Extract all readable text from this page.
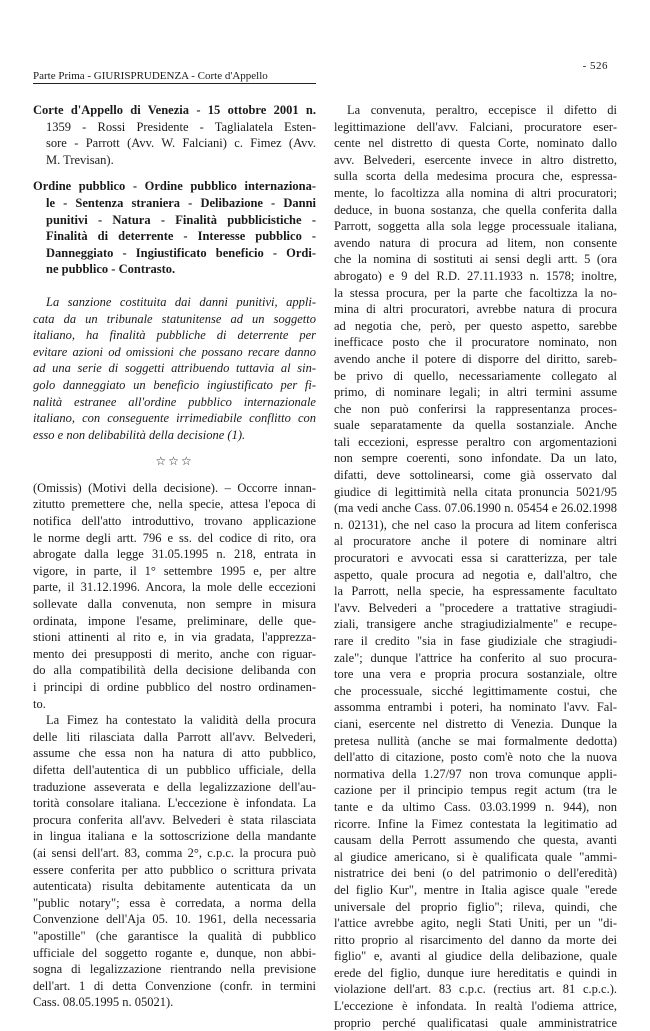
- 526
Parte Prima - GIURISPRUDENZA - Corte d'Appello
Corte d'Appello di Venezia - 15 ottobre 2001 n.
1359 - Rossi Presidente - Taglialatela Esten-
sore - Parrott (Avv. W. Falciani) c. Fimez (Avv.
M. Trevisan).
Ordine pubblico - Ordine pubblico internaziona-
le - Sentenza straniera - Delibazione - Danni
punitivi - Natura - Finalità pubblicistiche -
Finalità di deterrente - Interesse pubblico -
Danneggiato - Ingiustificato beneficio - Ordi-
ne pubblico - Contrasto.
La sanzione costituita dai danni punitivi, appli-
cata da un tribunale statunitense ad un soggetto
italiano, ha finalità pubbliche di deterrente per
evitare azioni od omissioni che possano recare danno
ad una serie di soggetti attribuendo tuttavia al sin-
golo danneggiato un beneficio ingiustificato per fi-
nalità estranee all'ordine pubblico internazionale
italiano, con conseguente irrimediabile conflitto con
esso e non delibabilità della decisione (1).
☆☆☆
(Omissis) (Motivi della decisione). – Occorre innan-
zitutto premettere che, nella specie, attesa l'epoca di
notifica dell'atto introduttivo, trovano applicazione
le norme degli artt. 796 e ss. del codice di rito, ora
abrogate dalla legge 31.05.1995 n. 218, entrata in
vigore, in parte, il 1° settembre 1995 e, per altre
parte, il 31.12.1996. Ancora, la mole delle eccezioni
sollevate dalla convenuta, non sempre in misura
ordinata, impone l'esame, preliminare, delle que-
stioni attinenti al rito e, in via gradata, l'apprezza-
mento dei presupposti di merito, anche con riguar-
do alla compatibilità della decisione delibanda con
i principi di ordine pubblico del nostro ordinamen-
to.
La Fimez ha contestato la validità della procura
delle liti rilasciata dalla Parrott all'avv. Belvederi,
assume che essa non ha natura di atto pubblico,
difetta dell'autentica di un pubblico ufficiale, della
traduzione asseverata e della legalizzazione dell'au-
torità consolare italiana. L'eccezione è infondata. La
procura conferita all'avv. Belvederi è stata rilasciata
in lingua italiana e la sottoscrizione della mandante
(ai sensi dell'art. 83, comma 2°, c.p.c. la procura può
essere conferita per atto pubblico o scrittura privata
autenticata) risulta debitamente autenticata da un
"public notary"; essa è corredata, a norma della
Convenzione dell'Aja 05. 10. 1961, della necessaria
"apostille" (che garantisce la qualità di pubblico
ufficiale del soggetto rogante e, dunque, non abbi-
sogna di legalizzazione rientrando nella previsione
dell'art. 1 di detta Convenzione (confr. in termini
Cass. 08.05.1995 n. 05021).
La convenuta, peraltro, eccepisce il difetto di
legittimazione dell'avv. Falciani, procuratore eser-
cente nel distretto di questa Corte, nominato dallo
avv. Belvederi, esercente invece in altro distretto,
sulla scorta della medesima procura che, espressa-
mente, lo facoltizza alla nomina di altri procuratori;
deduce, in buona sostanza, che quella conferita dalla
Parrott, soggetta alla sola legge processuale italiana,
avendo natura di procura ad litem, non consente
che la nomina di sostituti ai sensi degli artt. 5 (ora
abrogato) e 9 del R.D. 27.11.1933 n. 1578; inoltre,
la stessa procura, per la parte che facoltizza la no-
mina di altri procuratori, avrebbe natura di procura
ad negotia che, però, per questo aspetto, sarebbe
inefficace posto che il procuratore nominato, non
avendo anche il potere di disporre del diritto, sareb-
be privo di quello, necessariamente collegato al
primo, di nominare legali; in altri termini assume
che non può conferirsi la rappresentanza proces-
suale separatamente da quella sostanziale. Anche
tali eccezioni, espresse peraltro con argomentazioni
non sempre coerenti, sono infondate. Da un lato,
difatti, deve sottolinearsi, come già osservato dal
giudice di legittimità nella citata pronuncia 5021/95
(ma vedi anche Cass. 07.06.1990 n. 05454 e 26.02.1998
n. 02131), che nel caso la procura ad litem conferisca
al procuratore anche il potere di nominare altri
procuratori e avvocati essa si caratterizza, per tale
aspetto, quale procura ad negotia e, dall'altro, che
la Parrott, nella specie, ha espressamente facultato
l'avv. Belvederi a "procedere a trattative stragiudi-
ziali, transigere anche stragiudizialmente" e recupe-
rare il credito "sia in fase giudiziale che stragiudi-
zale"; dunque l'attrice ha conferito al suo procura-
tore una vera e propria procura sostanziale, oltre
che processuale, sicché legittimamente costui, che
assomma entrambi i poteri, ha nominato l'avv. Fal-
ciani, esercente nel distretto di Venezia. Dunque la
pretesa nullità (anche se mai formalmente dedotta)
dell'atto di citazione, posto com'è noto che la nuova
normativa della 1.27/97 non trova comunque appli-
cazione per il principio tempus regit actum (tra le
tante e da ultimo Cass. 03.03.1999 n. 944), non
ricorre. Infine la Fimez contestata la legitimatio ad
causam della Perrott assumendo che questa, avanti
al giudice americano, si è qualificata quale "ammi-
nistratrice dei beni (o del patrimonio o dell'eredità)
del figlio Kur", mentre in Italia agisce quale "erede
universale del proprio figlio"; rileva, quindi, che
l'attice avrebbe agito, negli Stati Uniti, per un "di-
ritto proprio al risarcimento del danno da morte dei
figlio" e, avanti al giudice della delibazione, quale
erede del figlio, dunque iure hereditatis e quindi in
violazione dell'art. 83 c.p.c. (rectius art. 81 c.p.c.).
L'eccezione è infondata. In realtà l'odiema attrice,
proprio perché qualificatasi quale amministratrice
